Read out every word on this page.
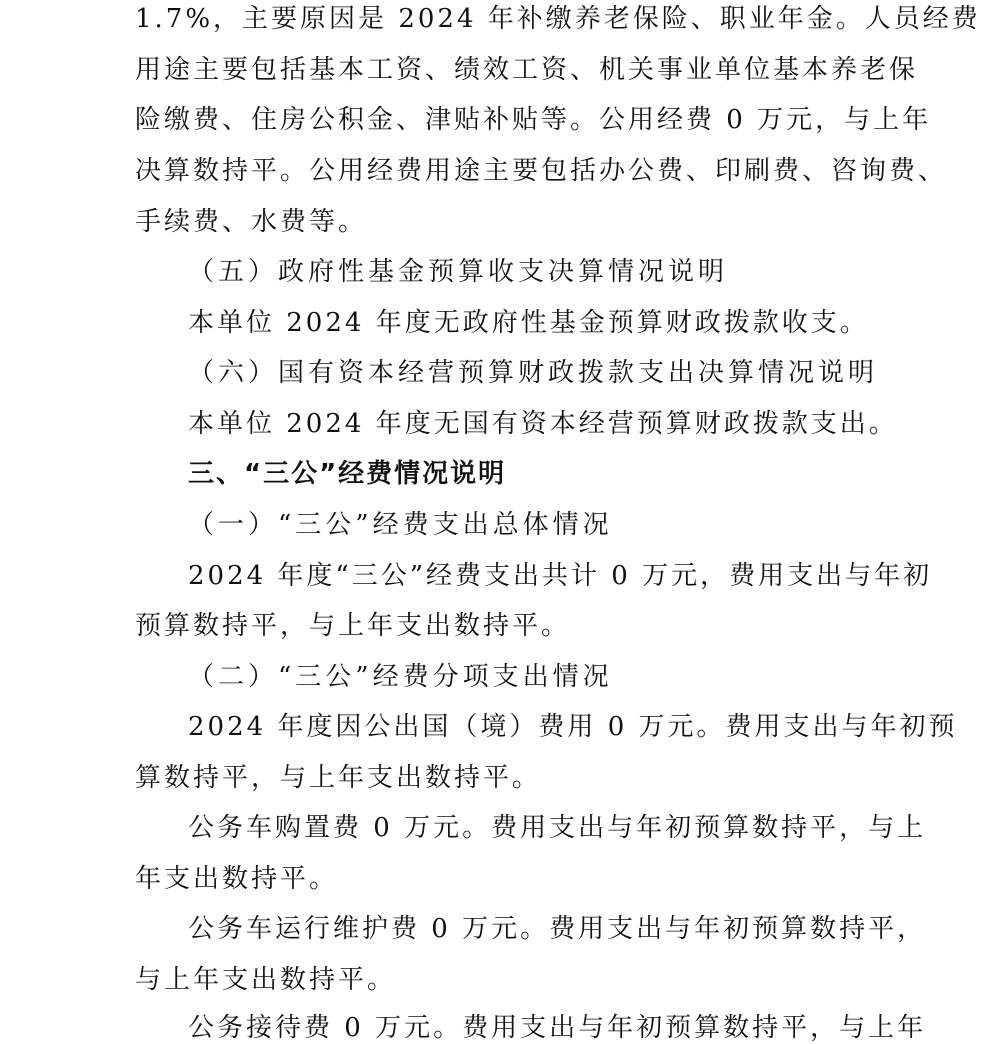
1.7%，主要原因是 2024 年补缴养老保险、职业年金。人员经费
用途主要包括基本工资、绩效工资、机关事业单位基本养老保
险缴费、住房公积金、津贴补贴等。公用经费 0 万元，与上年
决算数持平。公用经费用途主要包括办公费、印刷费、咨询费、
手续费、水费等。
（五）政府性基金预算收支决算情况说明
本单位 2024 年度无政府性基金预算财政拨款收支。
（六）国有资本经营预算财政拨款支出决算情况说明
本单位 2024 年度无国有资本经营预算财政拨款支出。
三、“三公”经费情况说明
（一）“三公”经费支出总体情况
2024 年度“三公”经费支出共计 0 万元，费用支出与年初
预算数持平，与上年支出数持平。
（二）“三公”经费分项支出情况
2024 年度因公出国（境）费用 0 万元。费用支出与年初预
算数持平，与上年支出数持平。
公务车购置费 0 万元。费用支出与年初预算数持平，与上
年支出数持平。
公务车运行维护费 0 万元。费用支出与年初预算数持平，
与上年支出数持平。
公务接待费 0 万元。费用支出与年初预算数持平，与上年
